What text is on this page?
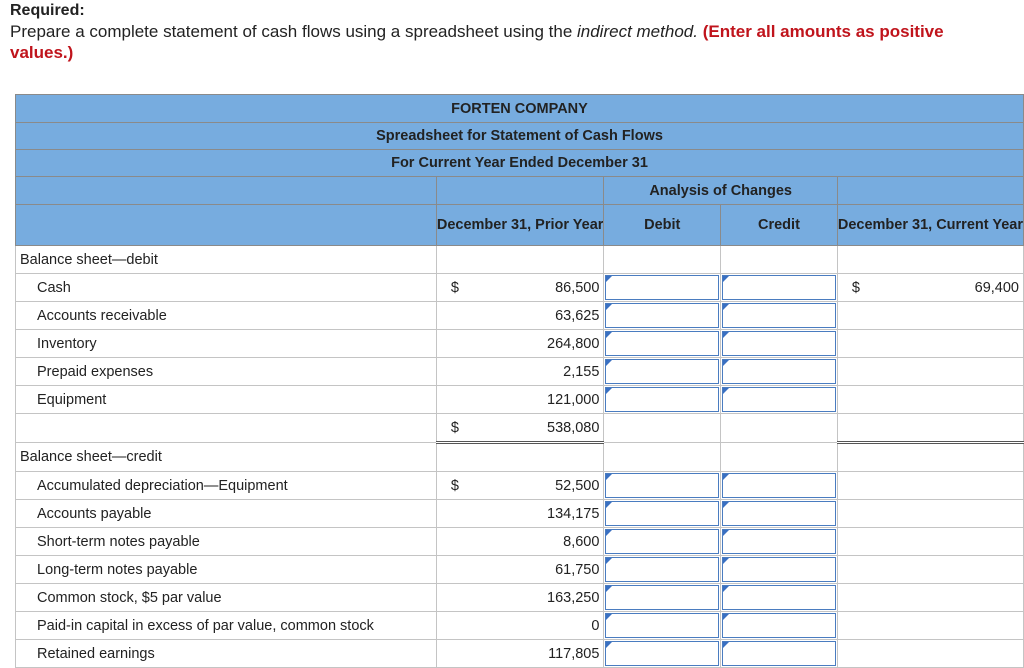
Required:
Prepare a complete statement of cash flows using a spreadsheet using the indirect method. (Enter all amounts as positive values.)
FORTEN COMPANY						
Spreadsheet for Statement of Cash Flows						
For Current Year Ended December 31						
			Analysis of Changes			
	December 31, Prior Year		Debit	Credit	December 31, Current Year	
Balance sheet—debit						
Cash	$	86,500			$	69,400
Accounts receivable		63,625	

Inventory		264,800	

Prepaid expenses		2,155	

Equipment		121,000	

	$	538,080				
Balance sheet—credit						
Accumulated depreciation—Equipment	$	52,500		

Accounts payable		134,175		

Short-term notes payable		8,600		

Long-term notes payable		61,750		

Common stock, $5 par value		163,250		

Paid-in capital in excess of par value, common stock		0		

Retained earnings		117,805		
